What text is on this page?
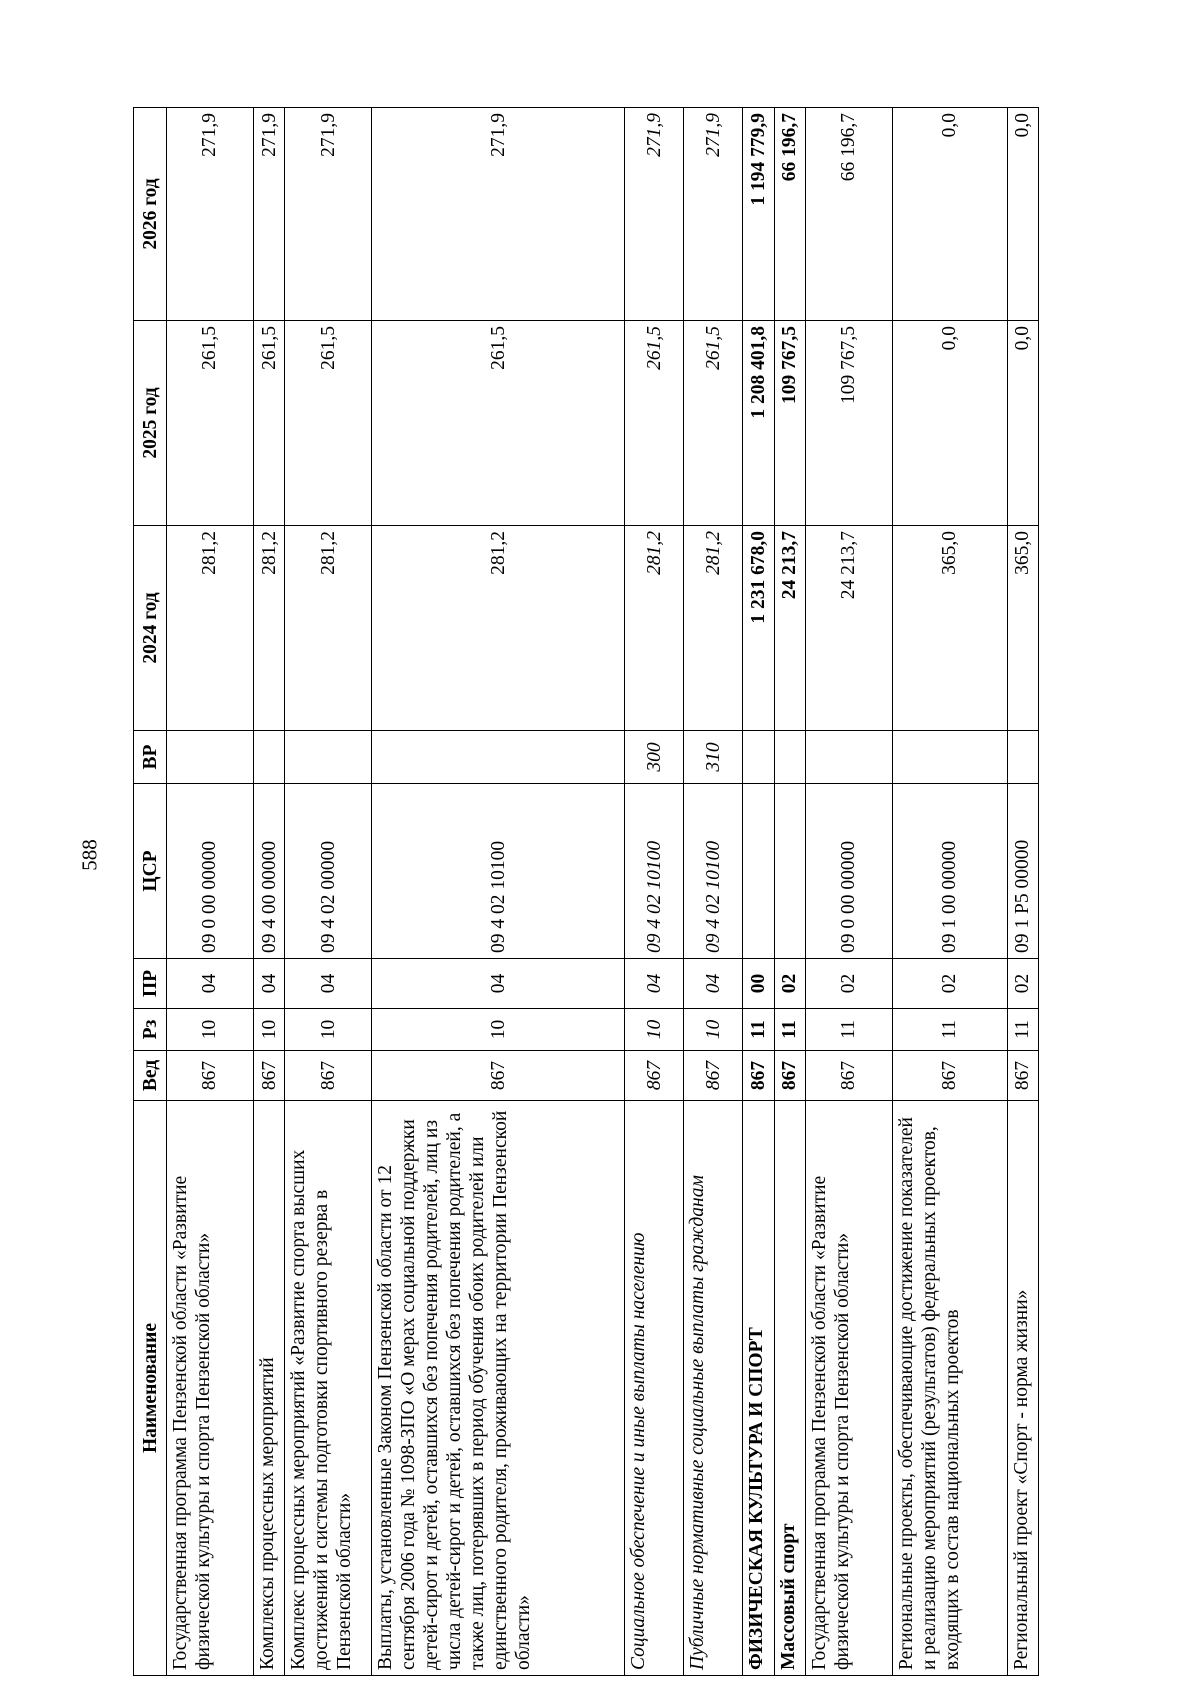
588
Наименование	Вед	Рз	ПР	ЦСР	ВР	2024 год	2025 год	2026 год
Государственная программа Пензенской области «Развитие физической культуры и спорта Пензенской области»	867	10	04	09 0 00 00000		281,2	261,5	271,9
Комплексы процессных мероприятий	867	10	04	09 4 00 00000		281,2	261,5	271,9
Комплекс процессных мероприятий «Развитие спорта высших достижений и системы подготовки спортивного резерва в Пензенской области»	867	10	04	09 4 02 00000		281,2	261,5	271,9
Выплаты, установленные Законом Пензенской области от 12 сентября 2006 года № 1098-ЗПО «О мерах социальной поддержки детей-сирот и детей, оставшихся без попечения родителей, лиц из числа детей-сирот и детей, оставшихся без попечения родителей, а также лиц, потерявших в период обучения обоих родителей или единственного родителя, проживающих на территории Пензенской области»	867	10	04	09 4 02 10100		281,2	261,5	271,9
Социальное обеспечение и иные выплаты населению	867	10	04	09 4 02 10100	300	281,2	261,5	271,9
Публичные нормативные социальные выплаты гражданам	867	10	04	09 4 02 10100	310	281,2	261,5	271,9
ФИЗИЧЕСКАЯ КУЛЬТУРА И СПОРТ	867	11	00			1 231 678,0	1 208 401,8	1 194 779,9
Массовый спорт	867	11	02			24 213,7	109 767,5	66 196,7
Государственная программа Пензенской области «Развитие физической культуры и спорта Пензенской области»	867	11	02	09 0 00 00000		24 213,7	109 767,5	66 196,7
Региональные проекты, обеспечивающие достижение показателей и реализацию мероприятий (результатов) федеральных проектов, входящих в состав национальных проектов	867	11	02	09 1 00 00000		365,0	0,0	0,0
Региональный проект «Спорт - норма жизни»	867	11	02	09 1 P5 00000		365,0	0,0	0,0
